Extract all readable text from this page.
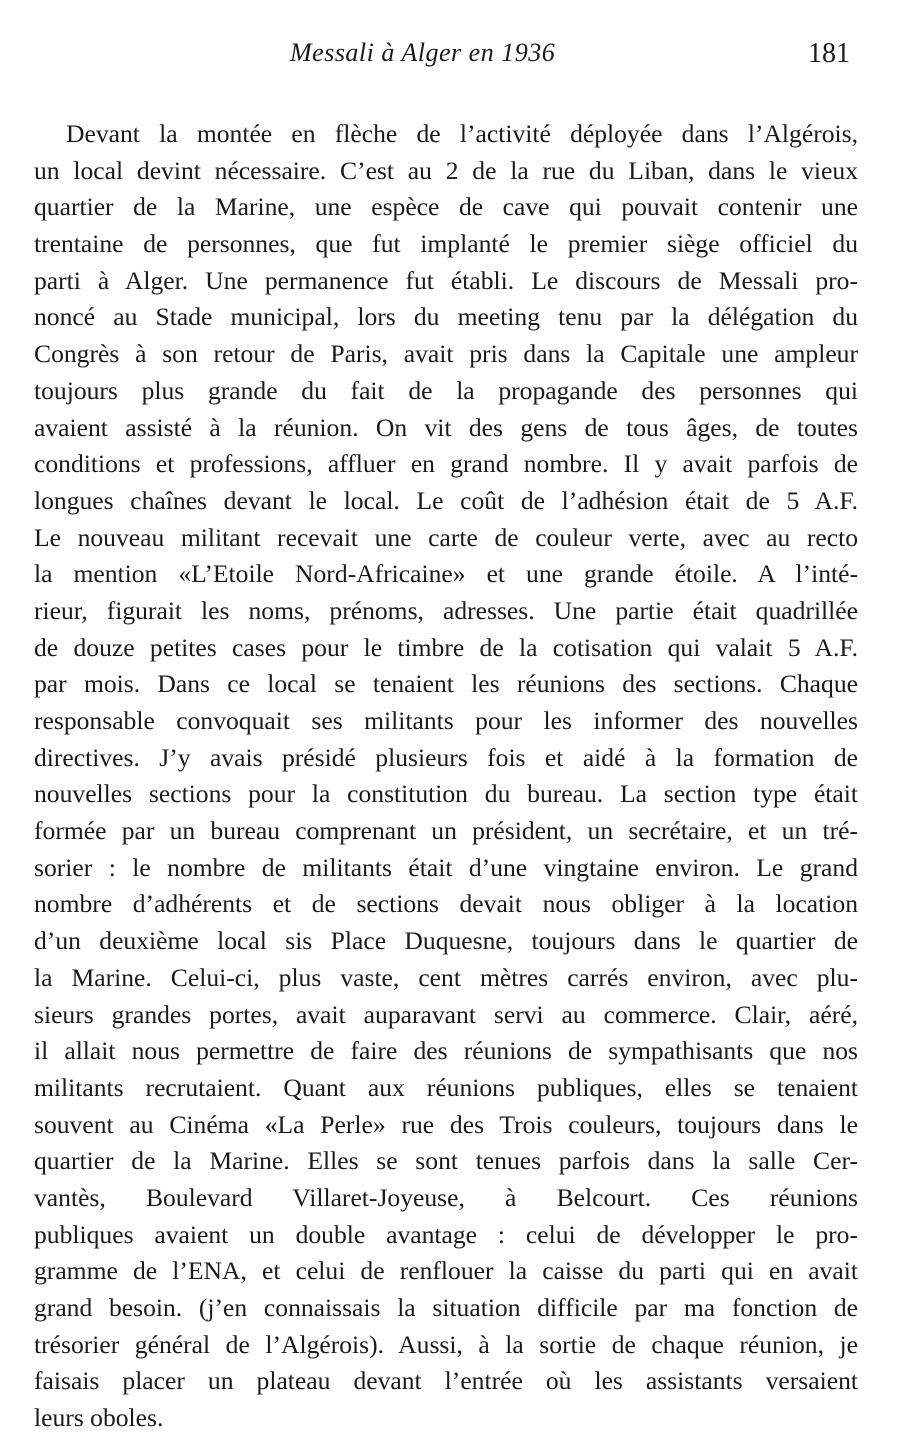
Messali à Alger en 1936	181
Devant la montée en flèche de l’activité déployée dans l’Algérois,
un local devint nécessaire. C’est au 2 de la rue du Liban, dans le vieux
quartier de la Marine, une espèce de cave qui pouvait contenir une
trentaine de personnes, que fut implanté le premier siège officiel du
parti à Alger. Une permanence fut établi. Le discours de Messali pro-
noncé au Stade municipal, lors du meeting tenu par la délégation du
Congrès à son retour de Paris, avait pris dans la Capitale une ampleur
toujours plus grande du fait de la propagande des personnes qui
avaient assisté à la réunion. On vit des gens de tous âges, de toutes
conditions et professions, affluer en grand nombre. Il y avait parfois de
longues chaînes devant le local. Le coût de l’adhésion était de 5 A.F.
Le nouveau militant recevait une carte de couleur verte, avec au recto
la mention «L’Etoile Nord-Africaine» et une grande étoile. A l’inté-
rieur, figurait les noms, prénoms, adresses. Une partie était quadrillée
de douze petites cases pour le timbre de la cotisation qui valait 5 A.F.
par mois. Dans ce local se tenaient les réunions des sections. Chaque
responsable convoquait ses militants pour les informer des nouvelles
directives. J’y avais présidé plusieurs fois et aidé à la formation de
nouvelles sections pour la constitution du bureau. La section type était
formée par un bureau comprenant un président, un secrétaire, et un tré-
sorier : le nombre de militants était d’une vingtaine environ. Le grand
nombre d’adhérents et de sections devait nous obliger à la location
d’un deuxième local sis Place Duquesne, toujours dans le quartier de
la Marine. Celui-ci, plus vaste, cent mètres carrés environ, avec plu-
sieurs grandes portes, avait auparavant servi au commerce. Clair, aéré,
il allait nous permettre de faire des réunions de sympathisants que nos
militants recrutaient. Quant aux réunions publiques, elles se tenaient
souvent au Cinéma «La Perle» rue des Trois couleurs, toujours dans le
quartier de la Marine. Elles se sont tenues parfois dans la salle Cer-
vantès, Boulevard Villaret-Joyeuse, à Belcourt. Ces réunions
publiques avaient un double avantage : celui de développer le pro-
gramme de l’ENA, et celui de renflouer la caisse du parti qui en avait
grand besoin. (j’en connaissais la situation difficile par ma fonction de
trésorier général de l’Algérois). Aussi, à la sortie de chaque réunion, je
faisais placer un plateau devant l’entrée où les assistants versaient
leurs oboles.
